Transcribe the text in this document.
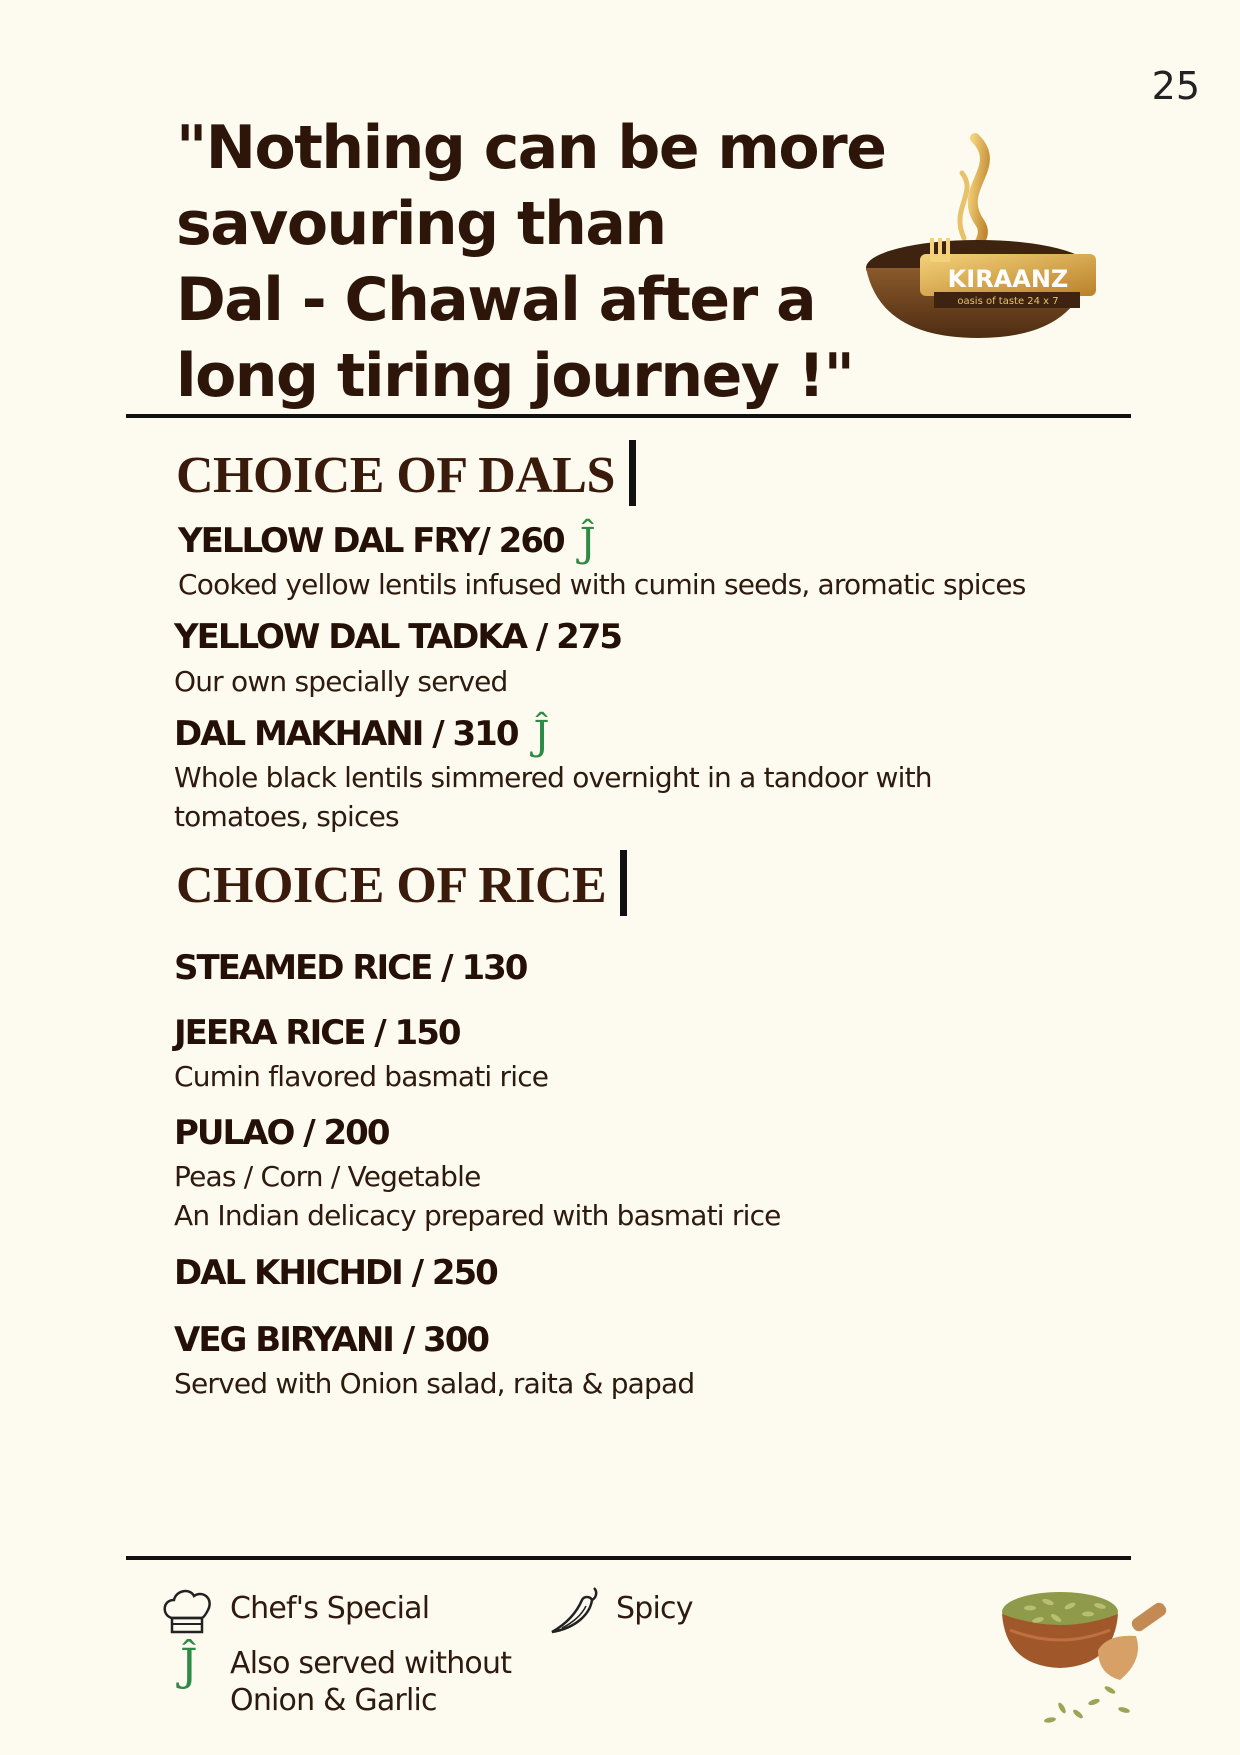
25
"Nothing can be more
savouring than
Dal - Chawal after a
long tiring journey !"
KIRAANZ
oasis of taste 24 x 7
CHOICE OF DALS
YELLOW DAL FRY/ 260 Ĵ
Cooked yellow lentils infused with cumin seeds, aromatic spices
YELLOW DAL TADKA / 275
Our own specially served
DAL MAKHANI / 310 Ĵ
Whole black lentils simmered overnight in a tandoor with
tomatoes, spices
CHOICE OF RICE
STEAMED RICE / 130
JEERA RICE / 150
Cumin flavored basmati rice
PULAO / 200
Peas / Corn / Vegetable
An Indian delicacy prepared with basmati rice
DAL KHICHDI / 250
VEG BIRYANI / 300
Served with Onion salad, raita & papad
Chef's Special	Spicy
Ĵ Also served without
Onion & Garlic
